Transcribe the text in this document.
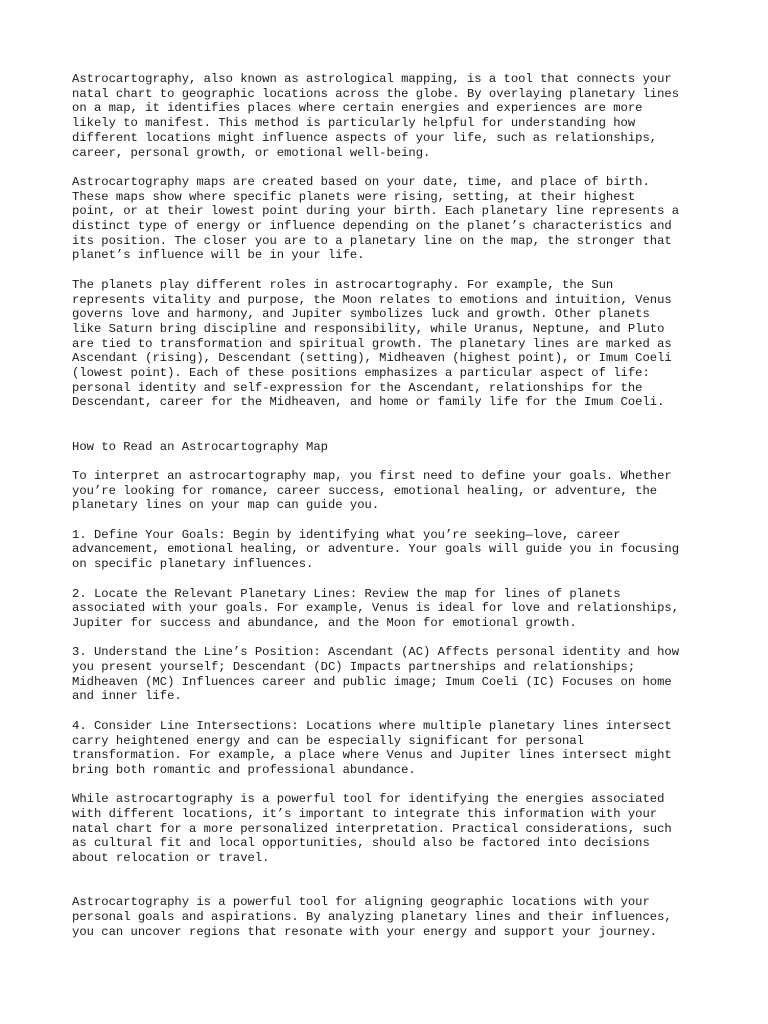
Astrocartography, also known as astrological mapping, is a tool that connects your
natal chart to geographic locations across the globe. By overlaying planetary lines
on a map, it identifies places where certain energies and experiences are more
likely to manifest. This method is particularly helpful for understanding how
different locations might influence aspects of your life, such as relationships,
career, personal growth, or emotional well-being.

Astrocartography maps are created based on your date, time, and place of birth.
These maps show where specific planets were rising, setting, at their highest
point, or at their lowest point during your birth. Each planetary line represents a
distinct type of energy or influence depending on the planet’s characteristics and
its position. The closer you are to a planetary line on the map, the stronger that
planet’s influence will be in your life.

The planets play different roles in astrocartography. For example, the Sun
represents vitality and purpose, the Moon relates to emotions and intuition, Venus
governs love and harmony, and Jupiter symbolizes luck and growth. Other planets
like Saturn bring discipline and responsibility, while Uranus, Neptune, and Pluto
are tied to transformation and spiritual growth. The planetary lines are marked as
Ascendant (rising), Descendant (setting), Midheaven (highest point), or Imum Coeli
(lowest point). Each of these positions emphasizes a particular aspect of life:
personal identity and self-expression for the Ascendant, relationships for the
Descendant, career for the Midheaven, and home or family life for the Imum Coeli.

How to Read an Astrocartography Map

To interpret an astrocartography map, you first need to define your goals. Whether
you’re looking for romance, career success, emotional healing, or adventure, the
planetary lines on your map can guide you.

1. Define Your Goals: Begin by identifying what you’re seeking—love, career
advancement, emotional healing, or adventure. Your goals will guide you in focusing
on specific planetary influences.

2. Locate the Relevant Planetary Lines: Review the map for lines of planets
associated with your goals. For example, Venus is ideal for love and relationships,
Jupiter for success and abundance, and the Moon for emotional growth.

3. Understand the Line’s Position: Ascendant (AC) Affects personal identity and how
you present yourself; Descendant (DC) Impacts partnerships and relationships;
Midheaven (MC) Influences career and public image; Imum Coeli (IC) Focuses on home
and inner life.

4. Consider Line Intersections: Locations where multiple planetary lines intersect
carry heightened energy and can be especially significant for personal
transformation. For example, a place where Venus and Jupiter lines intersect might
bring both romantic and professional abundance.

While astrocartography is a powerful tool for identifying the energies associated
with different locations, it’s important to integrate this information with your
natal chart for a more personalized interpretation. Practical considerations, such
as cultural fit and local opportunities, should also be factored into decisions
about relocation or travel.

Astrocartography is a powerful tool for aligning geographic locations with your
personal goals and aspirations. By analyzing planetary lines and their influences,
you can uncover regions that resonate with your energy and support your journey.
